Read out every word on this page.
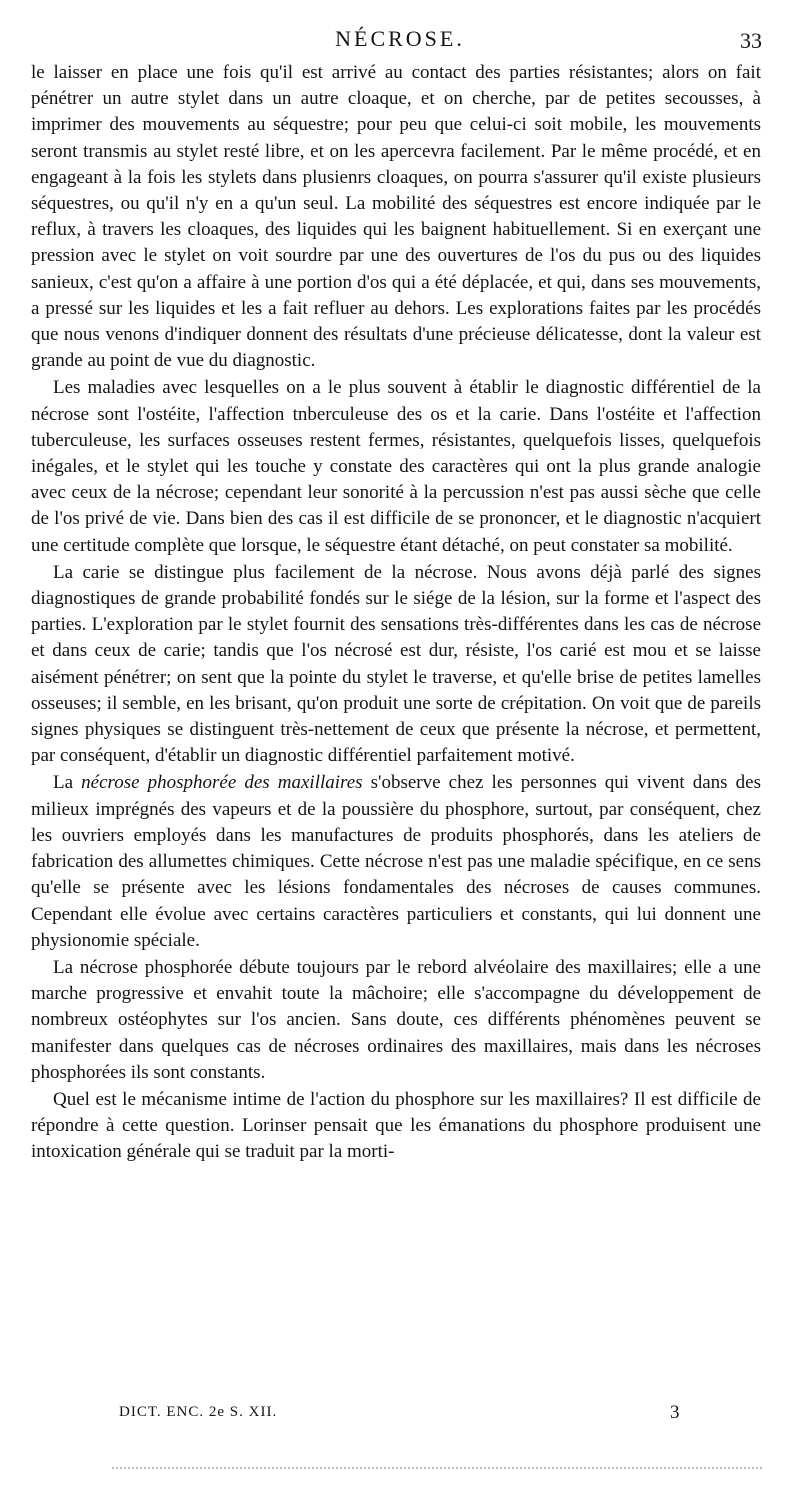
NÉCROSE.	33

le laisser en place une fois qu'il est arrivé au contact des parties résistantes; alors on fait pénétrer un autre stylet dans un autre cloaque, et on cherche, par de petites secousses, à imprimer des mouvements au séquestre; pour peu que celui-ci soit mobile, les mouvements seront transmis au stylet resté libre, et on les apercevra facilement. Par le même procédé, et en engageant à la fois les stylets dans plusienrs cloaques, on pourra s'assurer qu'il existe plusieurs séquestres, ou qu'il n'y en a qu'un seul. La mobilité des séquestres est encore indiquée par le reflux, à travers les cloaques, des liquides qui les baignent habituellement. Si en exerçant une pression avec le stylet on voit sourdre par une des ouvertures de l'os du pus ou des liquides sanieux, c'est qu'on a affaire à une portion d'os qui a été déplacée, et qui, dans ses mouvements, a pressé sur les liquides et les a fait refluer au dehors. Les explorations faites par les procédés que nous venons d'indiquer donnent des résultats d'une précieuse délicatesse, dont la valeur est grande au point de vue du diagnostic.

Les maladies avec lesquelles on a le plus souvent à établir le diagnostic différentiel de la nécrose sont l'ostéite, l'affection tnberculeuse des os et la carie. Dans l'ostéite et l'affection tuberculeuse, les surfaces osseuses restent fermes, résistantes, quelquefois lisses, quelquefois inégales, et le stylet qui les touche y constate des caractères qui ont la plus grande analogie avec ceux de la nécrose; cependant leur sonorité à la percussion n'est pas aussi sèche que celle de l'os privé de vie. Dans bien des cas il est difficile de se prononcer, et le diagnostic n'acquiert une certitude complète que lorsque, le séquestre étant détaché, on peut constater sa mobilité.

La carie se distingue plus facilement de la nécrose. Nous avons déjà parlé des signes diagnostiques de grande probabilité fondés sur le siége de la lésion, sur la forme et l'aspect des parties. L'exploration par le stylet fournit des sensations très-différentes dans les cas de nécrose et dans ceux de carie; tandis que l'os nécrosé est dur, résiste, l'os carié est mou et se laisse aisément pénétrer; on sent que la pointe du stylet le traverse, et qu'elle brise de petites lamelles osseuses; il semble, en les brisant, qu'on produit une sorte de crépitation. On voit que de pareils signes physiques se distinguent très-nettement de ceux que présente la nécrose, et permettent, par conséquent, d'établir un diagnostic différentiel parfaitement motivé.

La nécrose phosphorée des maxillaires s'observe chez les personnes qui vivent dans des milieux imprégnés des vapeurs et de la poussière du phosphore, surtout, par conséquent, chez les ouvriers employés dans les manufactures de produits phosphorés, dans les ateliers de fabrication des allumettes chimiques. Cette nécrose n'est pas une maladie spécifique, en ce sens qu'elle se présente avec les lésions fondamentales des nécroses de causes communes. Cependant elle évolue avec certains caractères particuliers et constants, qui lui donnent une physionomie spéciale.

La nécrose phosphorée débute toujours par le rebord alvéolaire des maxillaires; elle a une marche progressive et envahit toute la mâchoire; elle s'accompagne du développement de nombreux ostéophytes sur l'os ancien. Sans doute, ces différents phénomènes peuvent se manifester dans quelques cas de nécroses ordinaires des maxillaires, mais dans les nécroses phosphorées ils sont constants.

Quel est le mécanisme intime de l'action du phosphore sur les maxillaires? Il est difficile de répondre à cette question. Lorinser pensait que les émanations du phosphore produisent une intoxication générale qui se traduit par la morti-

DICT. ENC. 2e S. XII.	3
